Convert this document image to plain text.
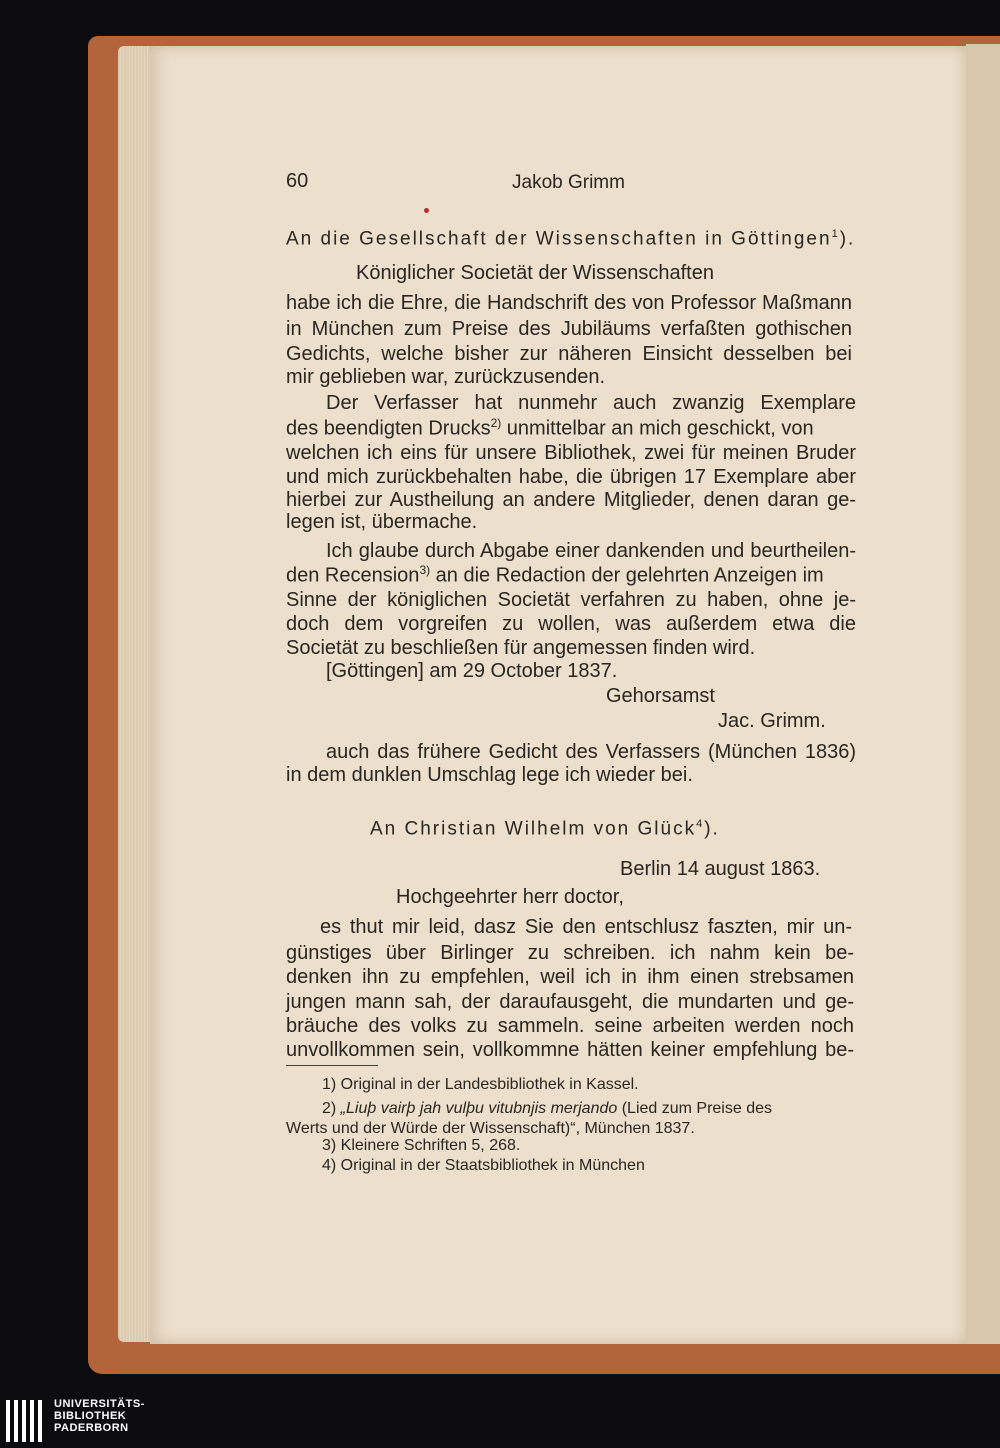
60	Jakob Grimm
An die Gesellschaft der Wissenschaften in Göttingen$^1$).
Königlicher Societät der Wissenschaften
habe ich die Ehre, die Handschrift des von Professor Maßmann
in München zum Preise des Jubiläums verfaßten gothischen
Gedichts, welche bisher zur näheren Einsicht desselben bei
mir geblieben war, zurückzusenden.
Der Verfasser hat nunmehr auch zwanzig Exemplare
des beendigten Drucks$^{2)}$ unmittelbar an mich geschickt, von
welchen ich eins für unsere Bibliothek, zwei für meinen Bruder
und mich zurückbehalten habe, die übrigen 17 Exemplare aber
hierbei zur Austheilung an andere Mitglieder, denen daran ge-
legen ist, übermache.
Ich glaube durch Abgabe einer dankenden und beurtheilen-
den Recension$^{3)}$ an die Redaction der gelehrten Anzeigen im
Sinne der königlichen Societät verfahren zu haben, ohne je-
doch dem vorgreifen zu wollen, was außerdem etwa die
Societät zu beschließen für angemessen finden wird.
[Göttingen] am 29 October 1837.
Gehorsamst
Jac. Grimm.
auch das frühere Gedicht des Verfassers (München 1836)
in dem dunklen Umschlag lege ich wieder bei.
An Christian Wilhelm von Glück$^4$).
Berlin 14 august 1863.
Hochgeehrter herr doctor,
es thut mir leid, dasz Sie den entschlusz faszten, mir un-
günstiges über Birlinger zu schreiben. ich nahm kein be-
denken ihn zu empfehlen, weil ich in ihm einen strebsamen
jungen mann sah, der daraufausgeht, die mundarten und ge-
bräuche des volks zu sammeln. seine arbeiten werden noch
unvollkommen sein, vollkommne hätten keiner empfehlung be-
1) Original in der Landesbibliothek in Kassel.
2) „Liuþ vairþ jah vulþu vitubnjis merjando (Lied zum Preise des
Werts und der Würde der Wissenschaft)“, München 1837.
3) Kleinere Schriften 5, 268.
4) Original in der Staatsbibliothek in München
UNIVERSITÄTS-
BIBLIOTHEK
PADERBORN
